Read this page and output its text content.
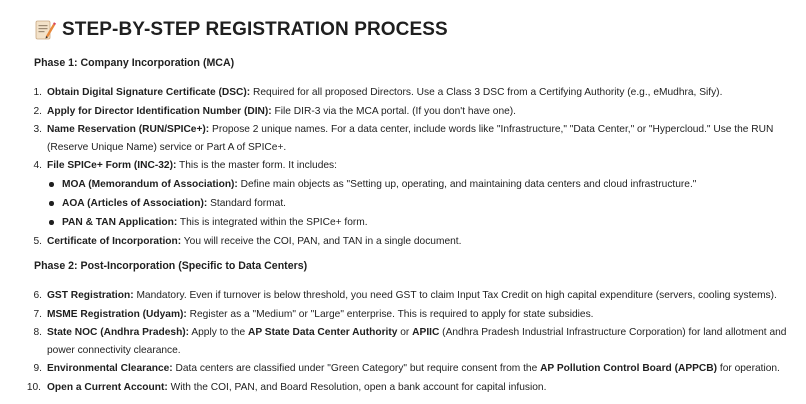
STEP-BY-STEP REGISTRATION PROCESS
Phase 1: Company Incorporation (MCA)
1. Obtain Digital Signature Certificate (DSC): Required for all proposed Directors. Use a Class 3 DSC from a Certifying Authority (e.g., eMudhra, Sify).
2. Apply for Director Identification Number (DIN): File DIR-3 via the MCA portal. (If you don't have one).
3. Name Reservation (RUN/SPICe+): Propose 2 unique names. For a data center, include words like "Infrastructure," "Data Center," or "Hypercloud." Use the RUN (Reserve Unique Name) service or Part A of SPICe+.
4. File SPICe+ Form (INC-32): This is the master form. It includes:
MOA (Memorandum of Association): Define main objects as "Setting up, operating, and maintaining data centers and cloud infrastructure."
AOA (Articles of Association): Standard format.
PAN & TAN Application: This is integrated within the SPICe+ form.
5. Certificate of Incorporation: You will receive the COI, PAN, and TAN in a single document.
Phase 2: Post-Incorporation (Specific to Data Centers)
6. GST Registration: Mandatory. Even if turnover is below threshold, you need GST to claim Input Tax Credit on high capital expenditure (servers, cooling systems).
7. MSME Registration (Udyam): Register as a "Medium" or "Large" enterprise. This is required to apply for state subsidies.
8. State NOC (Andhra Pradesh): Apply to the AP State Data Center Authority or APIIC (Andhra Pradesh Industrial Infrastructure Corporation) for land allotment and power connectivity clearance.
9. Environmental Clearance: Data centers are classified under "Green Category" but require consent from the AP Pollution Control Board (APPCB) for operation.
10. Open a Current Account: With the COI, PAN, and Board Resolution, open a bank account for capital infusion.
